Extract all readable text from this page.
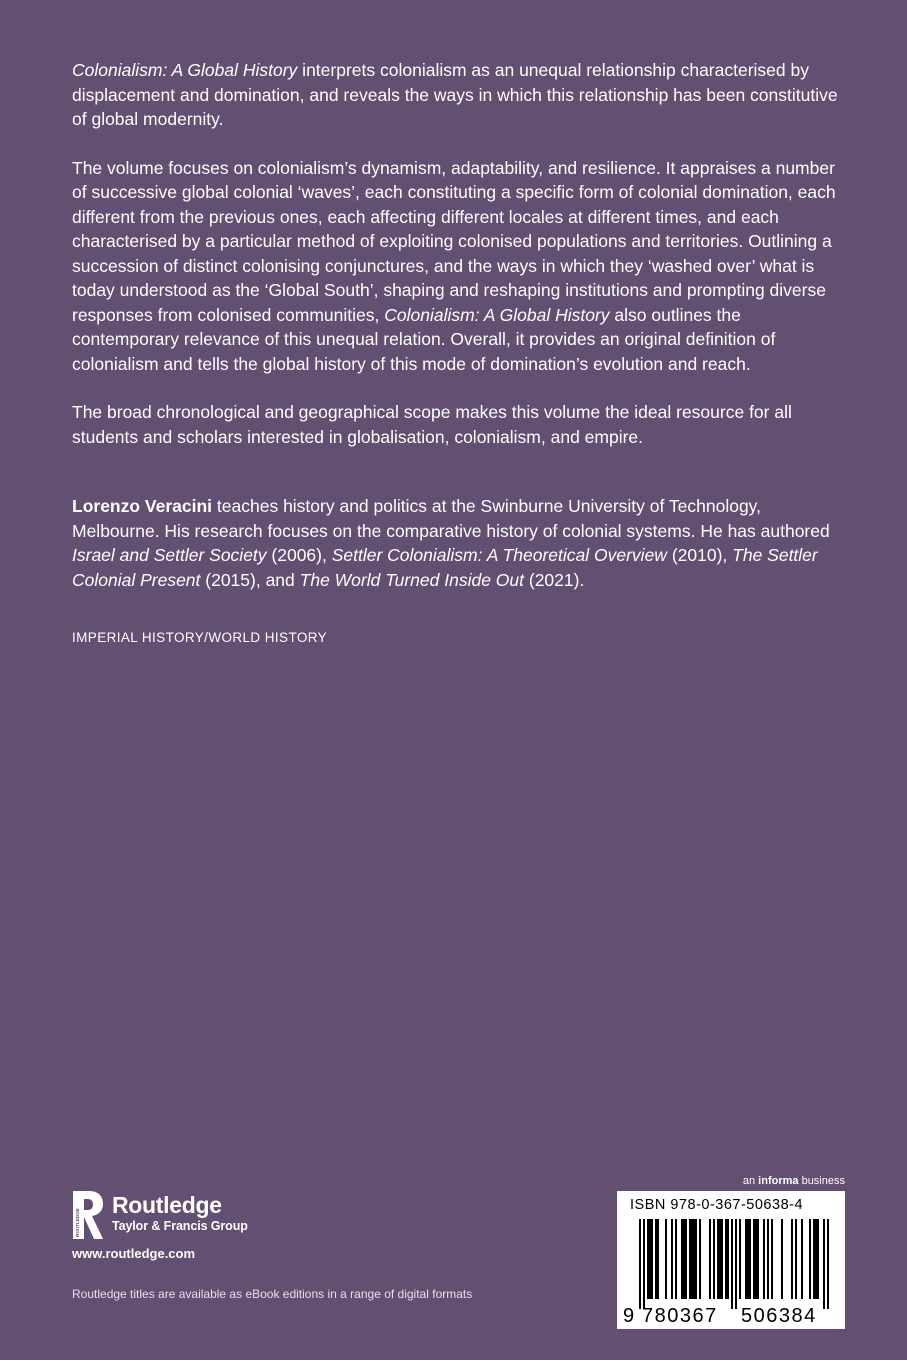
Colonialism: A Global History interprets colonialism as an unequal relationship characterised by displacement and domination, and reveals the ways in which this relationship has been constitutive of global modernity.

The volume focuses on colonialism’s dynamism, adaptability, and resilience. It appraises a number of successive global colonial ‘waves’, each constituting a specific form of colonial domination, each different from the previous ones, each affecting different locales at different times, and each characterised by a particular method of exploiting colonised populations and territories. Outlining a succession of distinct colonising conjunctures, and the ways in which they ‘washed over’ what is today understood as the ‘Global South’, shaping and reshaping institutions and prompting diverse responses from colonised communities, Colonialism: A Global History also outlines the contemporary relevance of this unequal relation. Overall, it provides an original definition of colonialism and tells the global history of this mode of domination’s evolution and reach.

The broad chronological and geographical scope makes this volume the ideal resource for all students and scholars interested in globalisation, colonialism, and empire.

Lorenzo Veracini teaches history and politics at the Swinburne University of Technology, Melbourne. His research focuses on the comparative history of colonial systems. He has authored Israel and Settler Society (2006), Settler Colonialism: A Theoretical Overview (2010), The Settler Colonial Present (2015), and The World Turned Inside Out (2021).

IMPERIAL HISTORY/WORLD HISTORY
ROUTLEDGE
Routledge
Taylor & Francis Group
www.routledge.com
Routledge titles are available as eBook editions in a range of digital formats
an informa business
ISBN 978-0-367-50638-4
9 780367 506384
